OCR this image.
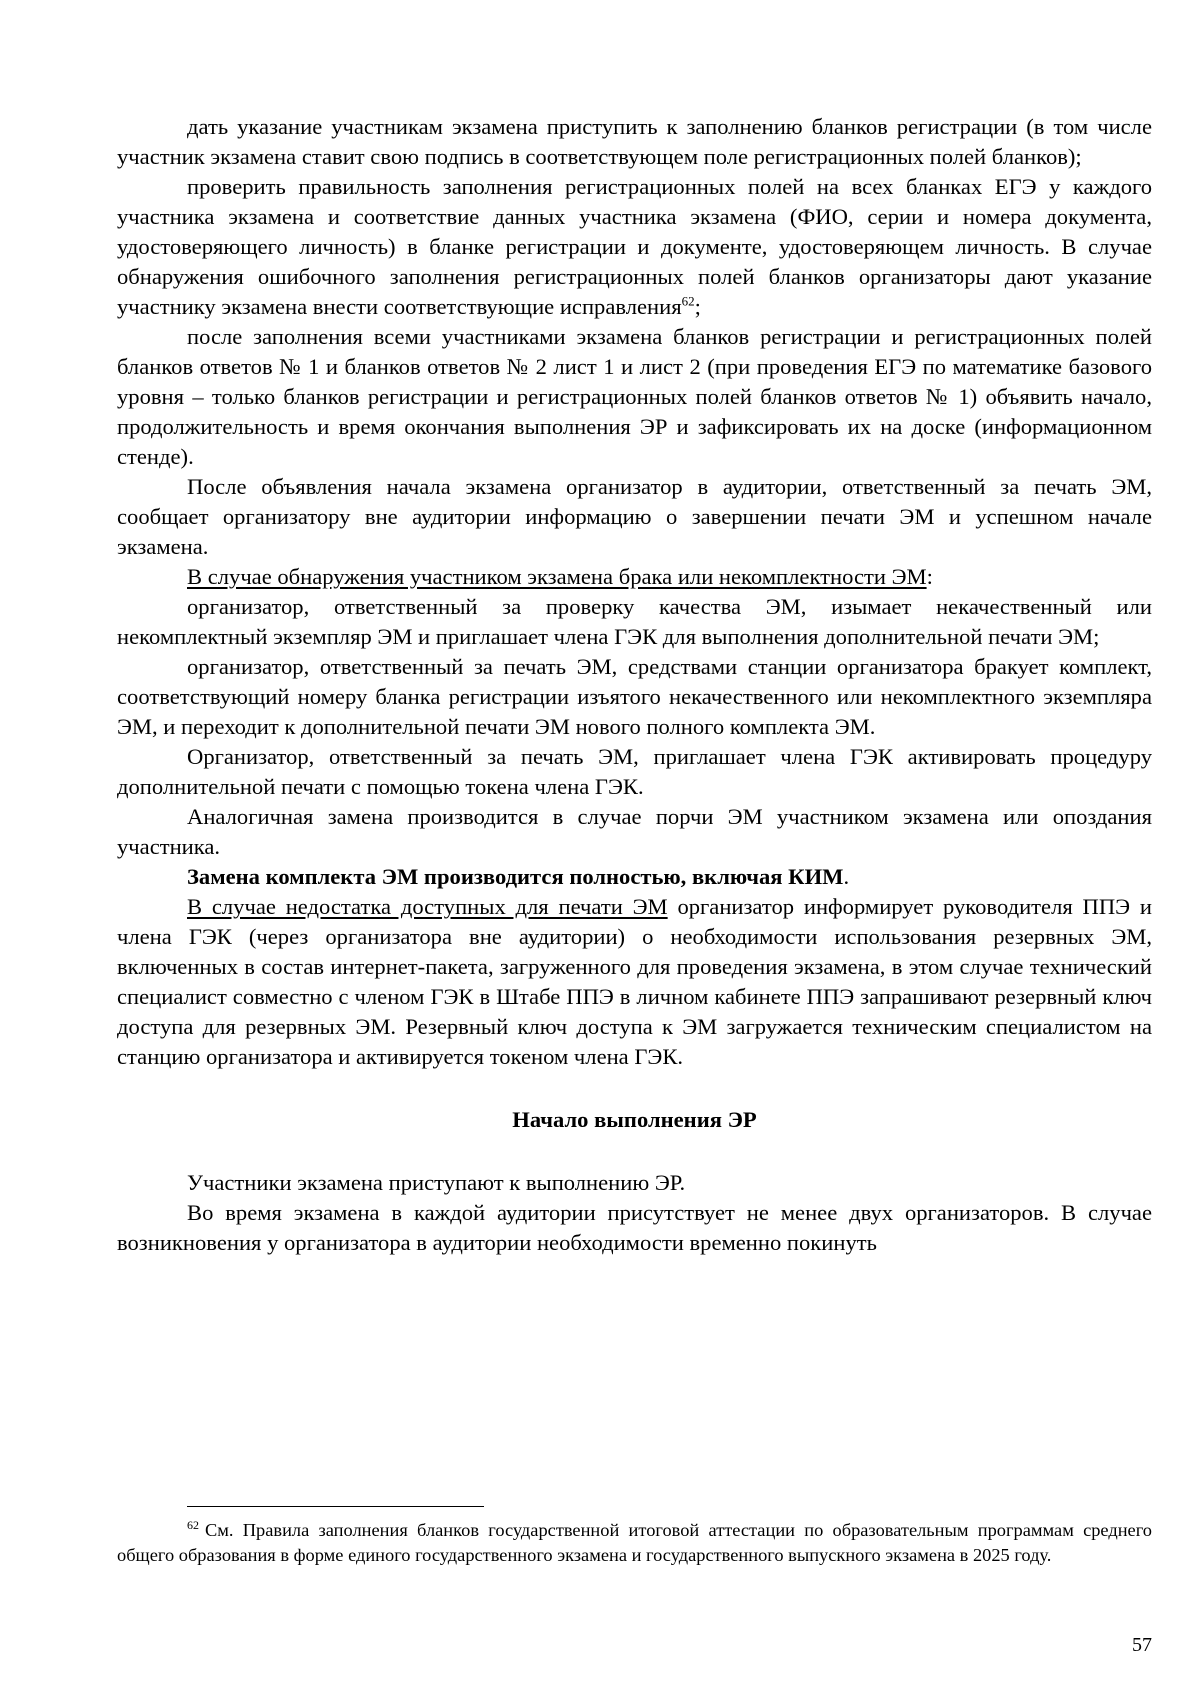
дать указание участникам экзамена приступить к заполнению бланков регистрации (в том числе участник экзамена ставит свою подпись в соответствующем поле регистрационных полей бланков);

проверить правильность заполнения регистрационных полей на всех бланках ЕГЭ у каждого участника экзамена и соответствие данных участника экзамена (ФИО, серии и номера документа, удостоверяющего личность) в бланке регистрации и документе, удостоверяющем личность. В случае обнаружения ошибочного заполнения регистрационных полей бланков организаторы дают указание участнику экзамена внести соответствующие исправления$^{62}$;

после заполнения всеми участниками экзамена бланков регистрации и регистрационных полей бланков ответов № 1 и бланков ответов № 2 лист 1 и лист 2 (при проведения ЕГЭ по математике базового уровня – только бланков регистрации и регистрационных полей бланков ответов № 1) объявить начало, продолжительность и время окончания выполнения ЭР и зафиксировать их на доске (информационном стенде).

После объявления начала экзамена организатор в аудитории, ответственный за печать ЭМ, сообщает организатору вне аудитории информацию о завершении печати ЭМ и успешном начале экзамена.

В случае обнаружения участником экзамена брака или некомплектности ЭМ:

организатор, ответственный за проверку качества ЭМ, изымает некачественный или некомплектный экземпляр ЭМ и приглашает члена ГЭК для выполнения дополнительной печати ЭМ;

организатор, ответственный за печать ЭМ, средствами станции организатора бракует комплект, соответствующий номеру бланка регистрации изъятого некачественного или некомплектного экземпляра ЭМ, и переходит к дополнительной печати ЭМ нового полного комплекта ЭМ.

Организатор, ответственный за печать ЭМ, приглашает члена ГЭК активировать процедуру дополнительной печати с помощью токена члена ГЭК.

Аналогичная замена производится в случае порчи ЭМ участником экзамена или опоздания участника.

Замена комплекта ЭМ производится полностью, включая КИМ.

В случае недостатка доступных для печати ЭМ организатор информирует руководителя ППЭ и члена ГЭК (через организатора вне аудитории) о необходимости использования резервных ЭМ, включенных в состав интернет-пакета, загруженного для проведения экзамена, в этом случае технический специалист совместно с членом ГЭК в Штабе ППЭ в личном кабинете ППЭ запрашивают резервный ключ доступа для резервных ЭМ. Резервный ключ доступа к ЭМ загружается техническим специалистом на станцию организатора и активируется токеном члена ГЭК.

Начало выполнения ЭР

Участники экзамена приступают к выполнению ЭР.

Во время экзамена в каждой аудитории присутствует не менее двух организаторов. В случае возникновения у организатора в аудитории необходимости временно покинуть

$^{62}$ См. Правила заполнения бланков государственной итоговой аттестации по образовательным программам среднего общего образования в форме единого государственного экзамена и государственного выпускного экзамена в 2025 году.

57
